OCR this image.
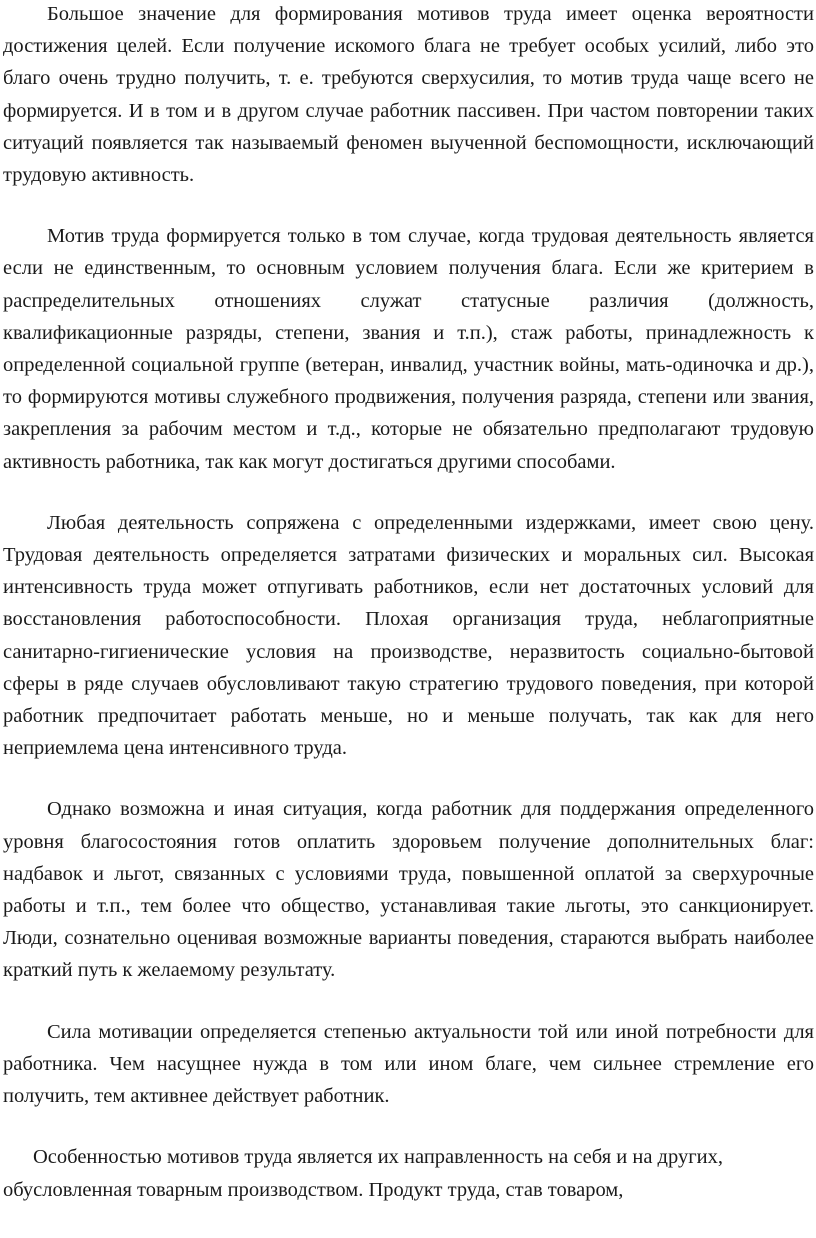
Большое значение для формирования мотивов труда имеет оценка вероятности достижения целей. Если получение искомого блага не требует особых усилий, либо это благо очень трудно получить, т. е. требуются сверхусилия, то мотив труда чаще всего не формируется. И в том и в другом случае работник пассивен. При частом повторении таких ситуаций появляется так называемый феномен выученной беспомощности, исключающий трудовую активность.

Мотив труда формируется только в том случае, когда трудовая деятельность является если не единственным, то основным условием получения блага. Если же критерием в распределительных отношениях служат статусные различия (должность, квалификационные разряды, степени, звания и т.п.), стаж работы, принадлежность к определенной социальной группе (ветеран, инвалид, участник войны, мать-одиночка и др.), то формируются мотивы служебного продвижения, получения разряда, степени или звания, закрепления за рабочим местом и т.д., которые не обязательно предполагают трудовую активность работника, так как могут достигаться другими способами.

Любая деятельность сопряжена с определенными издержками, имеет свою цену. Трудовая деятельность определяется затратами физических и моральных сил. Высокая интенсивность труда может отпугивать работников, если нет достаточных условий для восстановления работоспособности. Плохая организация труда, неблагоприятные санитарно-гигиенические условия на производстве, неразвитость социально-бытовой сферы в ряде случаев обусловливают такую стратегию трудового поведения, при которой работник предпочитает работать меньше, но и меньше получать, так как для него неприемлема цена интенсивного труда.

Однако возможна и иная ситуация, когда работник для поддержания определенного уровня благосостояния готов оплатить здоровьем получение дополнительных благ: надбавок и льгот, связанных с условиями труда, повышенной оплатой за сверхурочные работы и т.п., тем более что общество, устанавливая такие льготы, это санкционирует. Люди, сознательно оценивая возможные варианты поведения, стараются выбрать наиболее краткий путь к желаемому результату.

Сила мотивации определяется степенью актуальности той или иной потребности для работника. Чем насущнее нужда в том или ином благе, чем сильнее стремление его получить, тем активнее действует работник.

Особенностью мотивов труда является их направленность на себя и на других, обусловленная товарным производством. Продукт труда, став товаром,
